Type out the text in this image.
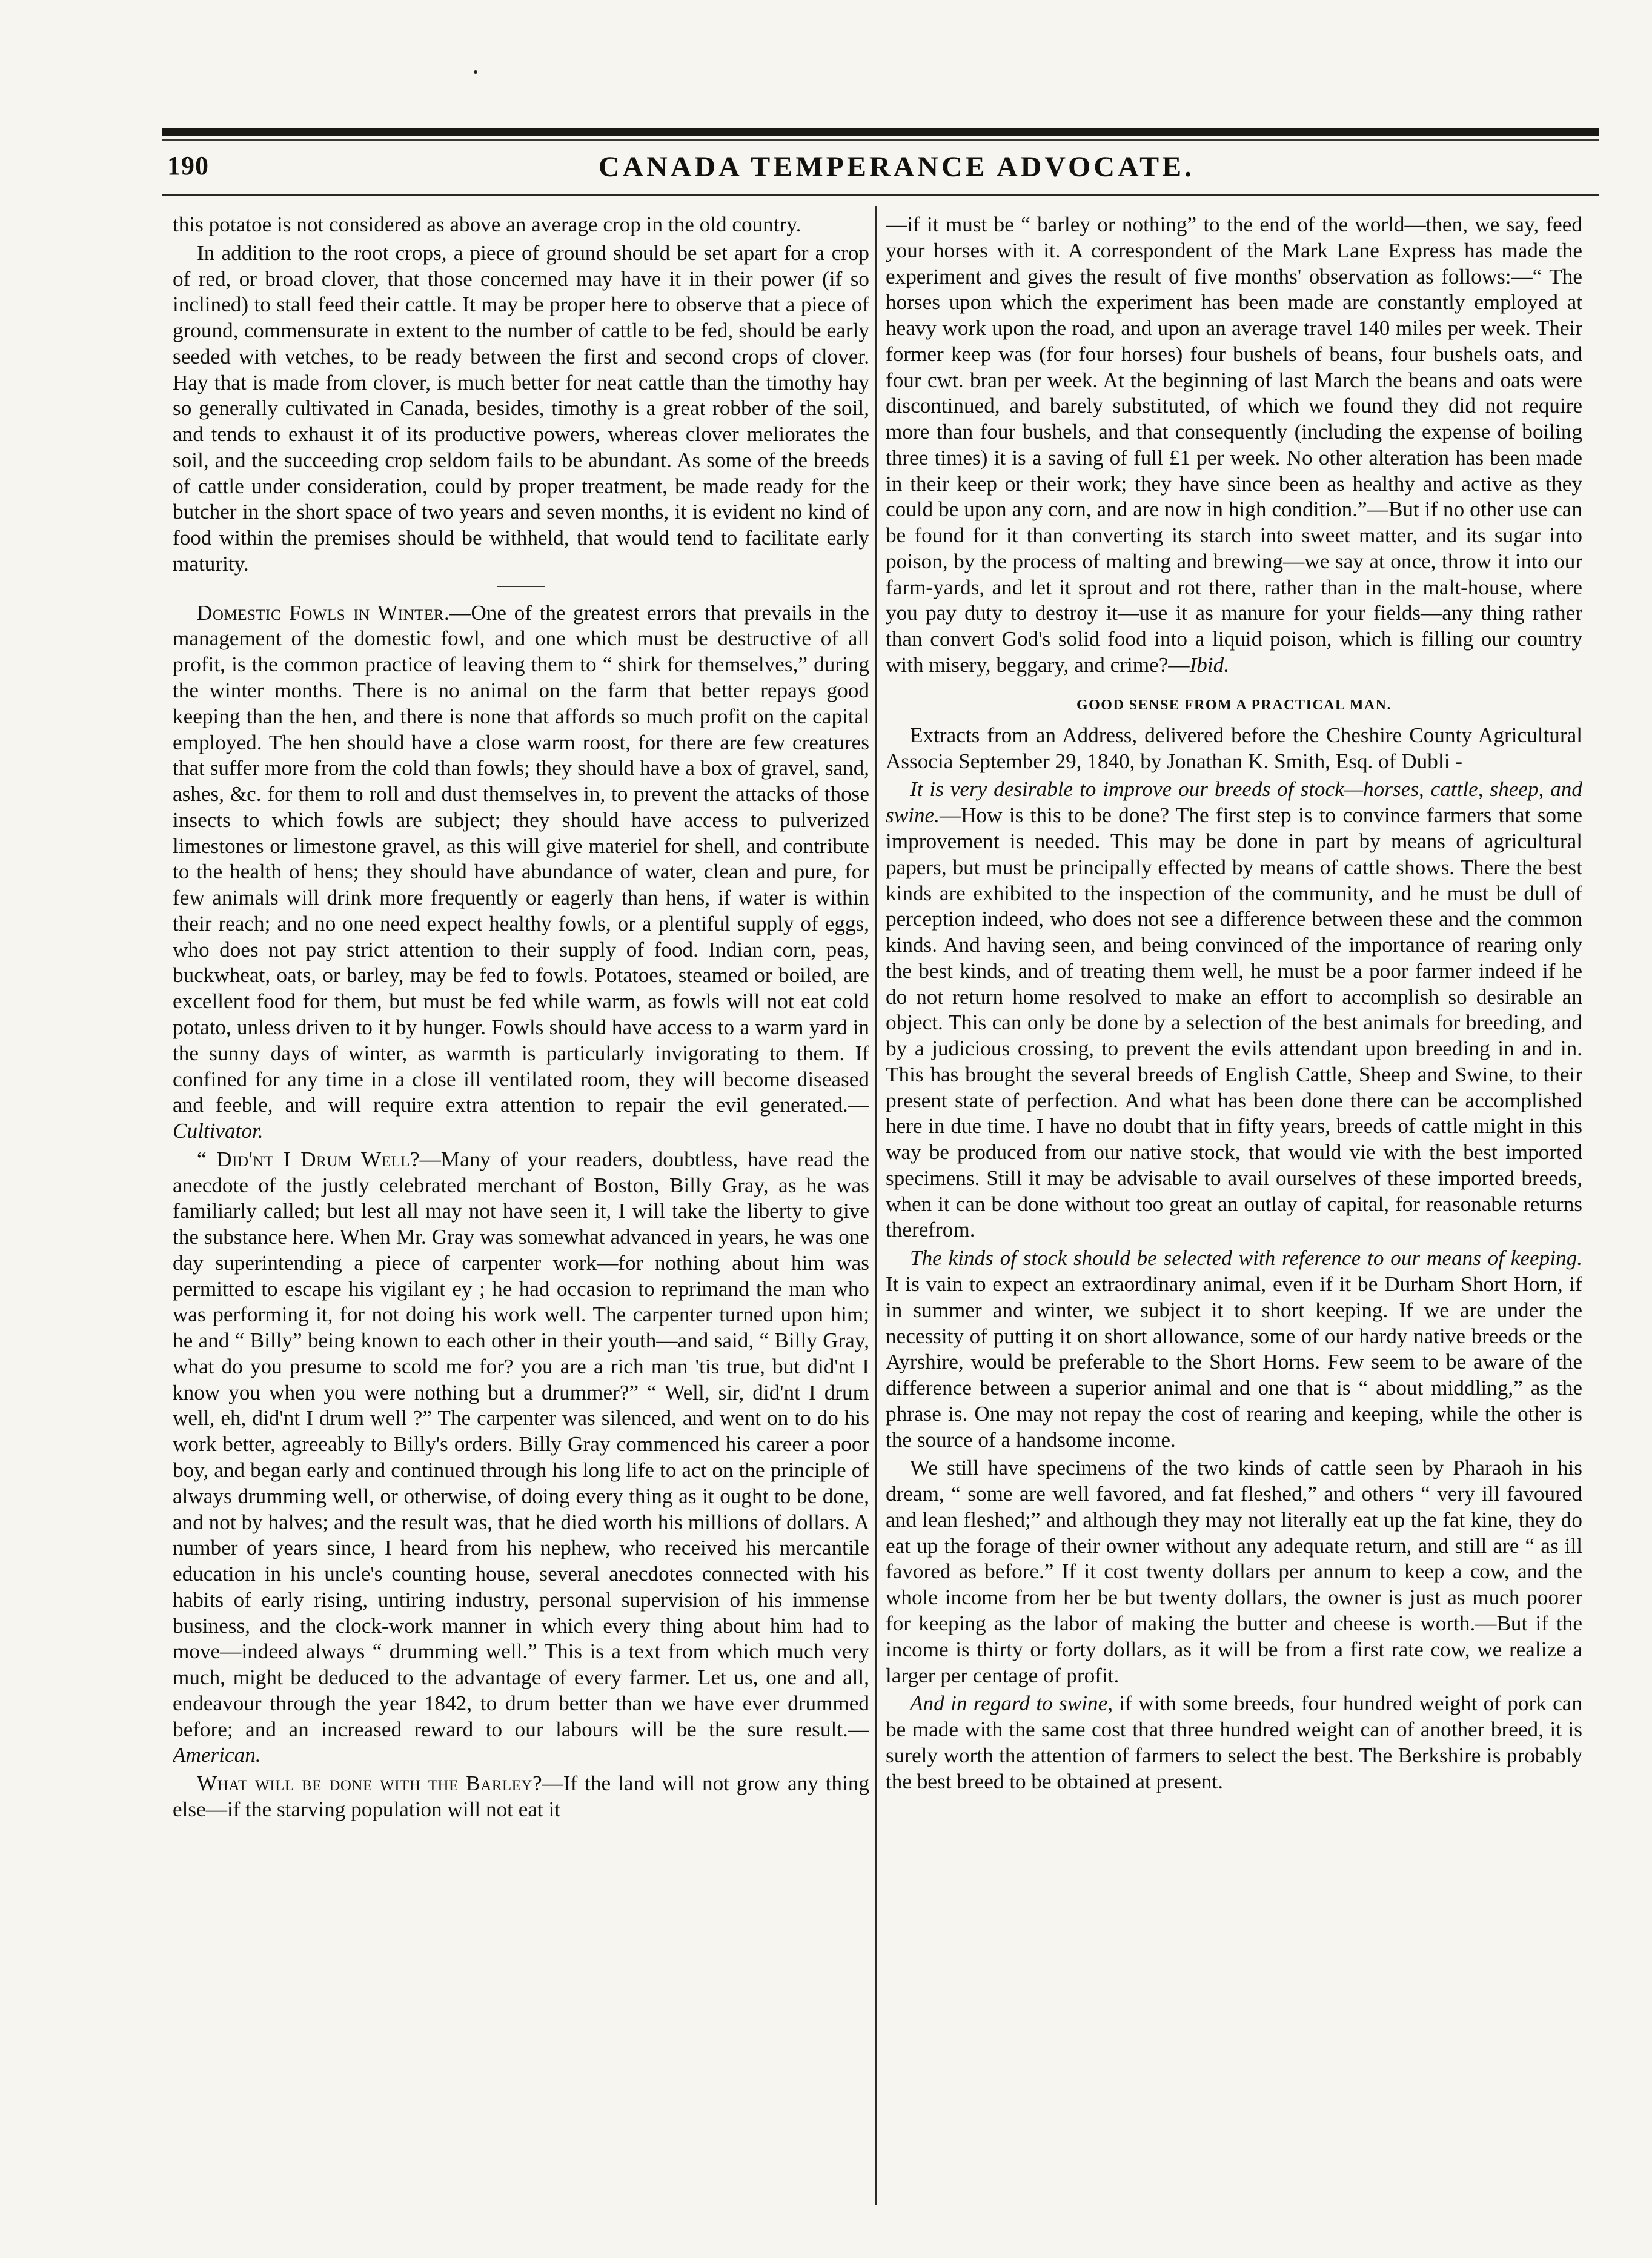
190	CANADA TEMPERANCE ADVOCATE.

this potatoe is not considered as above an average crop in the old country.

In addition to the root crops, a piece of ground should be set apart for a crop of red, or broad clover, that those concerned may have it in their power (if so inclined) to stall feed their cattle. It may be proper here to observe that a piece of ground, commensurate in extent to the number of cattle to be fed, should be early seeded with vetches, to be ready between the first and second crops of clover. Hay that is made from clover, is much better for neat cattle than the timothy hay so generally cultivated in Canada, besides, timothy is a great robber of the soil, and tends to exhaust it of its productive powers, whereas clover meliorates the soil, and the succeeding crop seldom fails to be abundant. As some of the breeds of cattle under consideration, could by proper treatment, be made ready for the butcher in the short space of two years and seven months, it is evident no kind of food within the premises should be withheld, that would tend to facilitate early maturity.

Domestic Fowls in Winter.—One of the greatest errors that prevails in the management of the domestic fowl, and one which must be destructive of all profit, is the common practice of leaving them to “ shirk for themselves,” during the winter months. There is no animal on the farm that better repays good keeping than the hen, and there is none that affords so much profit on the capital employed. The hen should have a close warm roost, for there are few creatures that suffer more from the cold than fowls; they should have a box of gravel, sand, ashes, &c. for them to roll and dust themselves in, to prevent the attacks of those insects to which fowls are subject; they should have access to pulverized limestones or limestone gravel, as this will give materiel for shell, and contribute to the health of hens; they should have abundance of water, clean and pure, for few animals will drink more frequently or eagerly than hens, if water is within their reach; and no one need expect healthy fowls, or a plentiful supply of eggs, who does not pay strict attention to their supply of food. Indian corn, peas, buckwheat, oats, or barley, may be fed to fowls. Potatoes, steamed or boiled, are excellent food for them, but must be fed while warm, as fowls will not eat cold potato, unless driven to it by hunger. Fowls should have access to a warm yard in the sunny days of winter, as warmth is particularly invigorating to them. If confined for any time in a close ill ventilated room, they will become diseased and feeble, and will require extra attention to repair the evil generated.—Cultivator.

“ Did'nt I Drum Well?—Many of your readers, doubtless, have read the anecdote of the justly celebrated merchant of Boston, Billy Gray, as he was familiarly called; but lest all may not have seen it, I will take the liberty to give the substance here. When Mr. Gray was somewhat advanced in years, he was one day superintending a piece of carpenter work—for nothing about him was permitted to escape his vigilant ey ; he had occasion to reprimand the man who was performing it, for not doing his work well. The carpenter turned upon him; he and “ Billy” being known to each other in their youth—and said, “ Billy Gray, what do you presume to scold me for? you are a rich man 'tis true, but did'nt I know you when you were nothing but a drummer?” “ Well, sir, did'nt I drum well, eh, did'nt I drum well ?” The carpenter was silenced, and went on to do his work better, agreeably to Billy's orders. Billy Gray commenced his career a poor boy, and began early and continued through his long life to act on the principle of always drumming well, or otherwise, of doing every thing as it ought to be done, and not by halves; and the result was, that he died worth his millions of dollars. A number of years since, I heard from his nephew, who received his mercantile education in his uncle's counting house, several anecdotes connected with his habits of early rising, untiring industry, personal supervision of his immense business, and the clock-work manner in which every thing about him had to move—indeed always “ drumming well.” This is a text from which much very much, might be deduced to the advantage of every farmer. Let us, one and all, endeavour through the year 1842, to drum better than we have ever drummed before; and an increased reward to our labours will be the sure result.—American.

What will be done with the Barley?—If the land will not grow any thing else—if the starving population will not eat it

—if it must be “ barley or nothing” to the end of the world—then, we say, feed your horses with it. A correspondent of the Mark Lane Express has made the experiment and gives the result of five months' observation as follows:—“ The horses upon which the experiment has been made are constantly employed at heavy work upon the road, and upon an average travel 140 miles per week. Their former keep was (for four horses) four bushels of beans, four bushels oats, and four cwt. bran per week. At the beginning of last March the beans and oats were discontinued, and barely substituted, of which we found they did not require more than four bushels, and that consequently (including the expense of boiling three times) it is a saving of full £1 per week. No other alteration has been made in their keep or their work; they have since been as healthy and active as they could be upon any corn, and are now in high condition.”—But if no other use can be found for it than converting its starch into sweet matter, and its sugar into poison, by the process of malting and brewing—we say at once, throw it into our farm-yards, and let it sprout and rot there, rather than in the malt-house, where you pay duty to destroy it—use it as manure for your fields—any thing rather than convert God's solid food into a liquid poison, which is filling our country with misery, beggary, and crime?—Ibid.

GOOD SENSE FROM A PRACTICAL MAN.

Extracts from an Address, delivered before the Cheshire County Agricultural Associa September 29, 1840, by Jonathan K. Smith, Esq. of Dubli -

It is very desirable to improve our breeds of stock—horses, cattle, sheep, and swine.—How is this to be done? The first step is to convince farmers that some improvement is needed. This may be done in part by means of agricultural papers, but must be principally effected by means of cattle shows. There the best kinds are exhibited to the inspection of the community, and he must be dull of perception indeed, who does not see a difference between these and the common kinds. And having seen, and being convinced of the importance of rearing only the best kinds, and of treating them well, he must be a poor farmer indeed if he do not return home resolved to make an effort to accomplish so desirable an object. This can only be done by a selection of the best animals for breeding, and by a judicious crossing, to prevent the evils attendant upon breeding in and in. This has brought the several breeds of English Cattle, Sheep and Swine, to their present state of perfection. And what has been done there can be accomplished here in due time. I have no doubt that in fifty years, breeds of cattle might in this way be produced from our native stock, that would vie with the best imported specimens. Still it may be advisable to avail ourselves of these imported breeds, when it can be done without too great an outlay of capital, for reasonable returns therefrom.

The kinds of stock should be selected with reference to our means of keeping. It is vain to expect an extraordinary animal, even if it be Durham Short Horn, if in summer and winter, we subject it to short keeping. If we are under the necessity of putting it on short allowance, some of our hardy native breeds or the Ayrshire, would be preferable to the Short Horns. Few seem to be aware of the difference between a superior animal and one that is “ about middling,” as the phrase is. One may not repay the cost of rearing and keeping, while the other is the source of a handsome income.

We still have specimens of the two kinds of cattle seen by Pharaoh in his dream, “ some are well favored, and fat fleshed,” and others “ very ill favoured and lean fleshed;” and although they may not literally eat up the fat kine, they do eat up the forage of their owner without any adequate return, and still are “ as ill favored as before.” If it cost twenty dollars per annum to keep a cow, and the whole income from her be but twenty dollars, the owner is just as much poorer for keeping as the labor of making the butter and cheese is worth.—But if the income is thirty or forty dollars, as it will be from a first rate cow, we realize a larger per centage of profit.

And in regard to swine, if with some breeds, four hundred weight of pork can be made with the same cost that three hundred weight can of another breed, it is surely worth the attention of farmers to select the best. The Berkshire is probably the best breed to be obtained at present.
